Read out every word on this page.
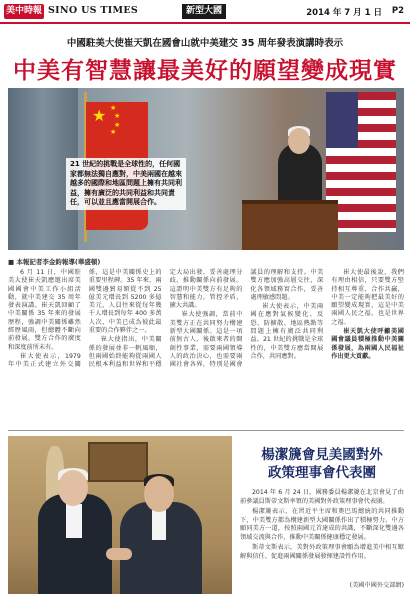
美中時報 SINO US TIMES	新型大國	2014 年 7 月 1 日 P2
中國駐美大使崔天凱在國會山就中美建交 35 周年發表演講時表示
中美有智慧讓最美好的願望變成現實
★ ★
★
★
★
21 世紀的挑戰是全球性的，任何國家都無法獨自應對，中美兩國在越來越多的國際和地區問題上擁有共同利益，擁有廣泛的共同利益和共同責任，可以並且應當開展合作。
■ 本報記者李金鈞報導(華盛頓)

6 月 11 日，中國駐美大使崔天凱應邀出席美國國會中美工作小組活動，就中美建交 35 周年發表演講。崔天凱回顧了中美關係 35 年來的發展歷程，強調中美關係雖然經歷風雨，但總體不斷向前發展，雙方合作的廣度和深度前所未有。

崔大使表示，1979 年中美正式建立外交關係，這是中美關係史上的重要里程碑。35 年來，兩國雙邊貿易額從不到 25 億美元增長到 5200 多億美元，人員往來從每年幾千人增長到每年 400 多萬人次，中美已成為彼此最重要的合作夥伴之一。

崔大使指出，中美關係的發展並非一帆風順，但兩國始終能夠從兩國人民根本利益和世界和平穩定大局出發，妥善處理分歧，推動關係向前發展。這證明中美雙方有足夠的智慧和能力，管控矛盾，擴大共識。

崔大使強調，當前中美雙方正在共同努力構建新型大國關係。這是一項前無古人、後啟來者的開創性事業，需要兩國領導人的政治決心，也需要兩國社會各界，特別是國會議員的理解和支持。中美雙方應加強高層交往，深化各領域務實合作，妥善處理敏感問題。

崔大使表示，中美兩國在應對氣候變化、反恐、防擴散、地區熱點等問題上擁有廣泛共同利益。21 世紀的挑戰是全球性的，中美雙方應當開展合作，共同應對。

崔大使最後說，我們有理由相信，只要雙方堅持相互尊重、合作共贏，中美一定能夠把最美好的願望變成現實，這是中美兩國人民之福，也是世界之福。

崔天凱大使呼籲美國國會議員積極推動中美關係發展，為兩國人民福祉作出更大貢獻。

楊潔篪會見美國對外
政策理事會代表團

2014 年 6 月 24 日，國務委員楊潔篪在北京會見了由前參議員斯蒂文斯率領的美國對外政策理事會代表團。

楊潔篪表示，在習近平主席和奧巴馬總統的共同推動下，中美雙方都為構建新型大國關係作出了積極努力。中方願同美方一道，按照兩國元首達成的共識，不斷深化雙邊各領域交流與合作，推動中美關係健康穩定發展。

斯蒂文斯表示，美對外政策理事會願為增進美中相互瞭解與信任、促進兩國關係發展發揮建設性作用。

(美國中國外交部網)
